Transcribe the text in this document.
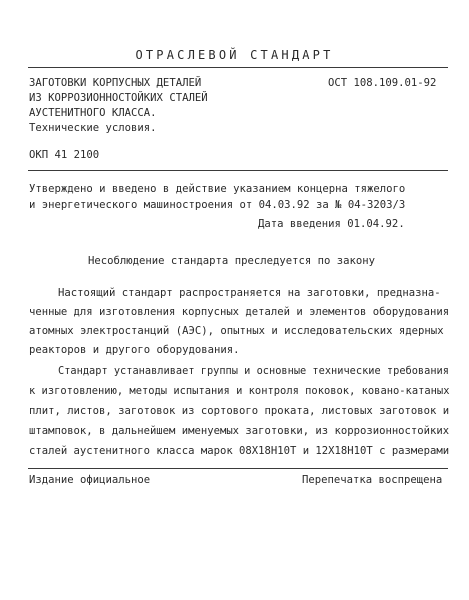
ОТРАСЛЕВОЙ СТАНДАРТ
ЗАГОТОВКИ КОРПУСНЫХ ДЕТАЛЕЙ
ИЗ КОРРОЗИОННОСТОЙКИХ СТАЛЕЙ
АУСТЕНИТНОГО КЛАССА.
Технические условия.
ОСТ 108.109.01-92
ОКП 41 2100
Утверждено и введено в действие указанием концерна тяжелого
и энергетического машиностроения от 04.03.92 за № 04-3203/3
Дата введения 01.04.92.
Несоблюдение стандарта преследуется по закону
Настоящий стандарт распространяется на заготовки, предназна-
ченные для изготовления корпусных деталей и элементов оборудования
атомных электростанций (АЭС), опытных и исследовательских ядерных
реакторов и другого оборудования.
Стандарт устанавливает группы и основные технические требования
к изготовлению, методы испытания и контроля поковок, ковано-катаных
плит, листов, заготовок из сортового проката, листовых заготовок и
штамповок, в дальнейшем именуемых заготовки, из коррозионностойких
сталей аустенитного класса марок 08Х18Н10Т и 12Х18Н10Т с размерами
Издание официальное	Перепечатка воспрещена
